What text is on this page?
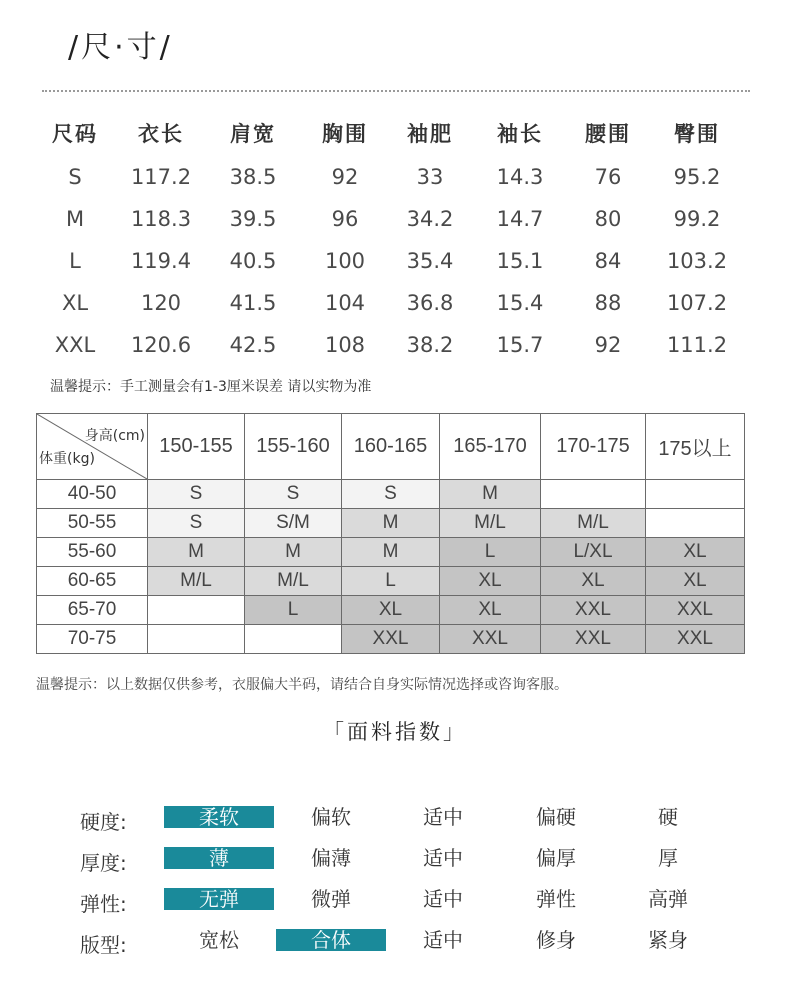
/尺·寸/
尺码	衣长	肩宽	胸围	袖肥	袖长	腰围	臀围
S	117.2	38.5	92	33	14.3	76	95.2
M	118.3	39.5	96	34.2	14.7	80	99.2
L	119.4	40.5	100	35.4	15.1	84	103.2
XL	120	41.5	104	36.8	15.4	88	107.2
XXL	120.6	42.5	108	38.2	15.7	92	111.2
温馨提示：手工测量会有1-3厘米误差 请以实物为准
身高(cm)
体重(kg)	150-155	155-160	160-165	165-170	170-175	175以上
40-50	S	S	S	M		
50-55	S	S/M	M	M/L	M/L	
55-60	M	M	M	L	L/XL	XL
60-65	M/L	M/L	L	XL	XL	XL
65-70		L	XL	XL	XXL	XXL
70-75			XXL	XXL	XXL	XXL
温馨提示：以上数据仅供参考，衣服偏大半码，请结合自身实际情况选择或咨询客服。
「面料指数」
硬度:	柔软	偏软	适中	偏硬	硬
厚度:	薄	偏薄	适中	偏厚	厚
弹性:	无弹	微弹	适中	弹性	高弹
版型:	宽松	合体	适中	修身	紧身
